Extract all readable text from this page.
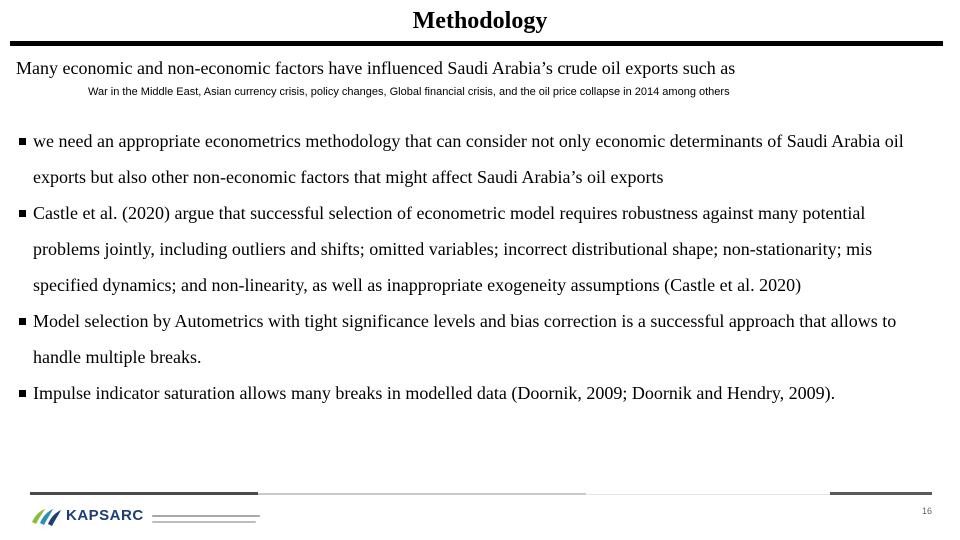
Methodology
Many economic and non-economic factors have influenced Saudi Arabia’s crude oil exports such as
War in the Middle East, Asian currency crisis, policy changes, Global financial crisis, and the oil price collapse in 2014 among others
we need an appropriate econometrics methodology that can consider not only economic determinants of Saudi Arabia oil exports but also other non-economic factors that might affect Saudi Arabia’s oil exports
Castle et al. (2020) argue that successful selection of econometric model requires robustness against many potential problems jointly, including outliers and shifts; omitted variables; incorrect distributional shape; non-stationarity; mis specified dynamics; and non-linearity, as well as inappropriate exogeneity assumptions (Castle et al. 2020)
Model selection by Autometrics with tight significance levels and bias correction is a successful approach that allows to handle multiple breaks.
Impulse indicator saturation allows many breaks in modelled data (Doornik, 2009; Doornik and Hendry, 2009).
KAPSARC	16
